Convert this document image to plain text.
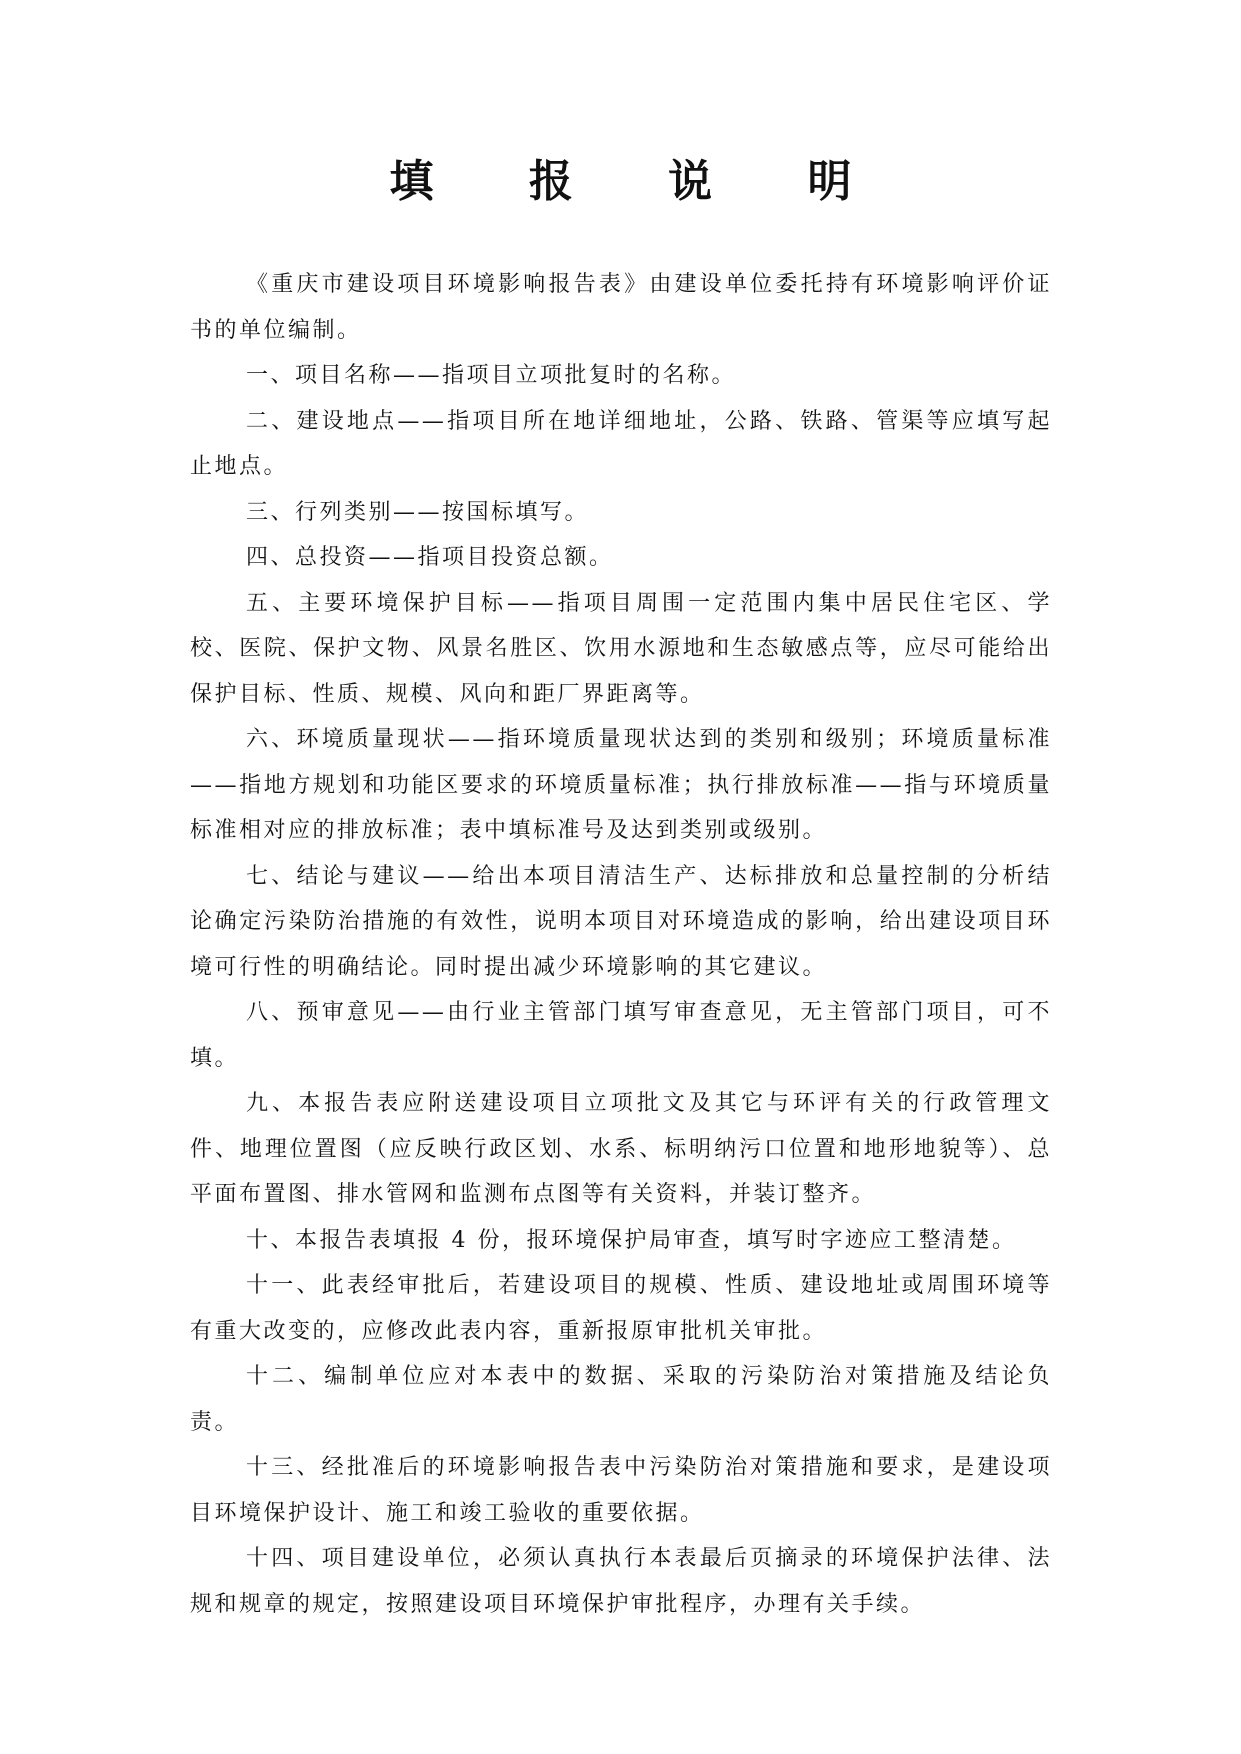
填 报 说 明

《重庆市建设项目环境影响报告表》由建设单位委托持有环境影响评价证书的单位编制。

一、项目名称——指项目立项批复时的名称。

二、建设地点——指项目所在地详细地址，公路、铁路、管渠等应填写起止地点。

三、行列类别——按国标填写。

四、总投资——指项目投资总额。

五、主要环境保护目标——指项目周围一定范围内集中居民住宅区、学校、医院、保护文物、风景名胜区、饮用水源地和生态敏感点等，应尽可能给出保护目标、性质、规模、风向和距厂界距离等。

六、环境质量现状——指环境质量现状达到的类别和级别；环境质量标准——指地方规划和功能区要求的环境质量标准；执行排放标准——指与环境质量标准相对应的排放标准；表中填标准号及达到类别或级别。

七、结论与建议——给出本项目清洁生产、达标排放和总量控制的分析结论确定污染防治措施的有效性，说明本项目对环境造成的影响，给出建设项目环境可行性的明确结论。同时提出减少环境影响的其它建议。

八、预审意见——由行业主管部门填写审查意见，无主管部门项目，可不填。

九、本报告表应附送建设项目立项批文及其它与环评有关的行政管理文件、地理位置图（应反映行政区划、水系、标明纳污口位置和地形地貌等）、总平面布置图、排水管网和监测布点图等有关资料，并装订整齐。

十、本报告表填报 4 份，报环境保护局审查，填写时字迹应工整清楚。

十一、此表经审批后，若建设项目的规模、性质、建设地址或周围环境等有重大改变的，应修改此表内容，重新报原审批机关审批。

十二、编制单位应对本表中的数据、采取的污染防治对策措施及结论负责。

十三、经批准后的环境影响报告表中污染防治对策措施和要求，是建设项目环境保护设计、施工和竣工验收的重要依据。

十四、项目建设单位，必须认真执行本表最后页摘录的环境保护法律、法规和规章的规定，按照建设项目环境保护审批程序，办理有关手续。
